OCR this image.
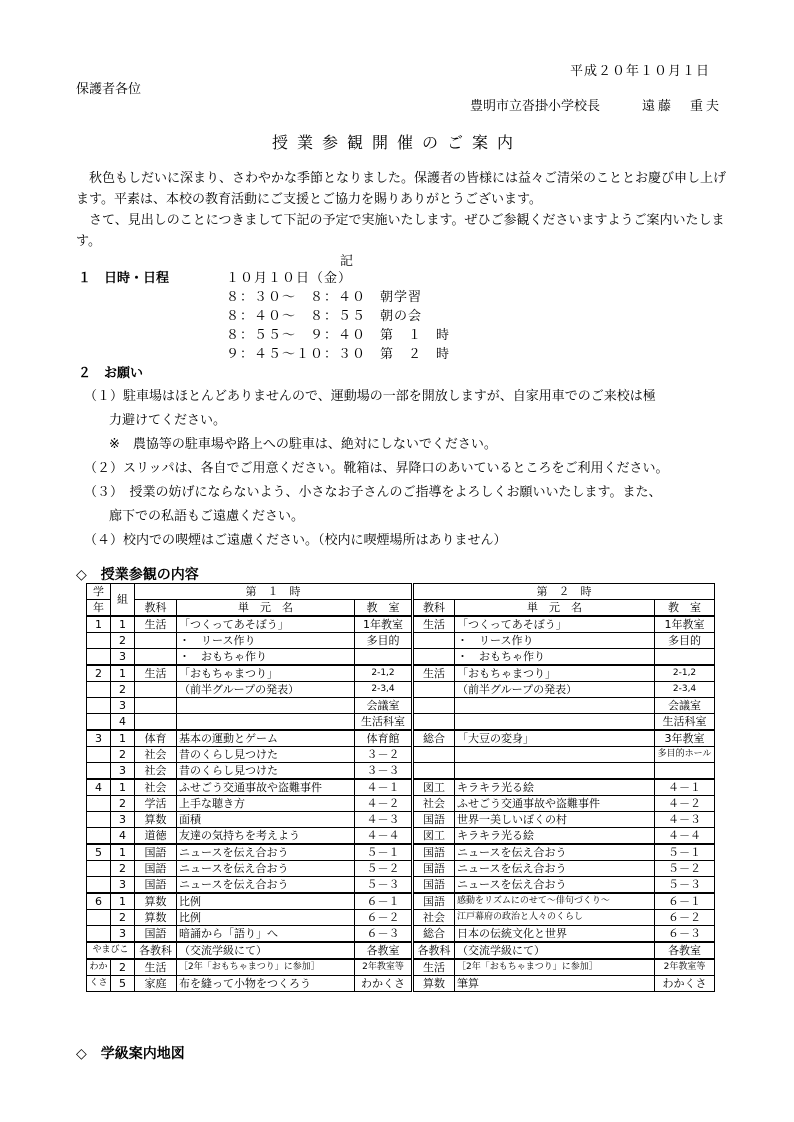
平成２０年１０月１日
保護者各位
豊明市立沓掛小学校長	遠藤　重夫
授業参観開催のご案内
秋色もしだいに深まり、さわやかな季節となりました。保護者の皆様には益々ご清栄のこととお慶び申し上げます。平素は、本校の教育活動にご支援とご協力を賜りありがとうございます。
さて、見出しのことにつきまして下記の予定で実施いたします。ぜひご参観くださいますようご案内いたします。
記
１　日時・日程	１０月１０日（金）
８：３０～　８：４０　朝学習
８：４０～　８：５５　朝の会
８：５５～　９：４０　第　１　時
９：４５～１０：３０　第　２　時
２　お願い
（１）駐車場はほとんどありませんので、運動場の一部を開放しますが、自家用車でのご来校は極
　力避けてください。
　※　農協等の駐車場や路上への駐車は、絶対にしないでください。
（２）スリッパは、各自でご用意ください。靴箱は、昇降口のあいているところをご利用ください。
（３）　授業の妨げにならないよう、小さなお子さんのご指導をよろしくお願いいたします。また、
　廊下での私語もご遠慮ください。
（４）校内での喫煙はご遠慮ください。（校内に喫煙場所はありません）
◇　授業参観の内容
学	組	第　１　時			第　２　時		
年		教科	単　元　名	教　室	教科	単　元　名	教　室
1	1	生活	「つくってあそぼう」	1年教室	生活	「つくってあそぼう」	1年教室
	2		・　リース作り	多目的		・　リース作り	多目的
	3		・　おもちゃ作り			・　おもちゃ作り	
2	1	生活	「おもちゃまつり」	2-1,2	生活	「おもちゃまつり」	2-1,2
	2		（前半グループの発表）	2-3,4		（前半グループの発表）	2-3,4
	3			会議室			会議室
	4			生活科室			生活科室
3	1	体育	基本の運動とゲーム	体育館	総合	「大豆の変身」	3年教室
	2	社会	昔のくらし見つけた	３－２			多目的ホール
	3	社会	昔のくらし見つけた	３－３			
4	1	社会	ふせごう交通事故や盗難事件	４－１	図工	キラキラ光る絵	４－１
	2	学活	上手な聴き方	４－２	社会	ふせごう交通事故や盗難事件	４－２
	3	算数	面積	４－３	国語	世界一美しいぼくの村	４－３
	4	道徳	友達の気持ちを考えよう	４－４	図工	キラキラ光る絵	４－４
5	1	国語	ニュースを伝え合おう	５－１	国語	ニュースを伝え合おう	５－１
	2	国語	ニュースを伝え合おう	５－２	国語	ニュースを伝え合おう	５－２
	3	国語	ニュースを伝え合おう	５－３	国語	ニュースを伝え合おう	５－３
6	1	算数	比例	６－１	国語	感動をリズムにのせて～俳句づくり～	６－１
	2	算数	比例	６－２	社会	江戸幕府の政治と人々のくらし	６－２
	3	国語	暗誦から「語り」へ	６－３	総合	日本の伝統文化と世界	６－３
やまびこ		各教科	（交流学級にて）	各教室	各教科	（交流学級にて）	各教室
わか	2	生活	［2年「おもちゃまつり」に参加］	2年教室等	生活	［2年「おもちゃまつり」に参加］	2年教室等
くさ	5	家庭	布を縫って小物をつくろう	わかくさ	算数	筆算	わかくさ
◇　学級案内地図
